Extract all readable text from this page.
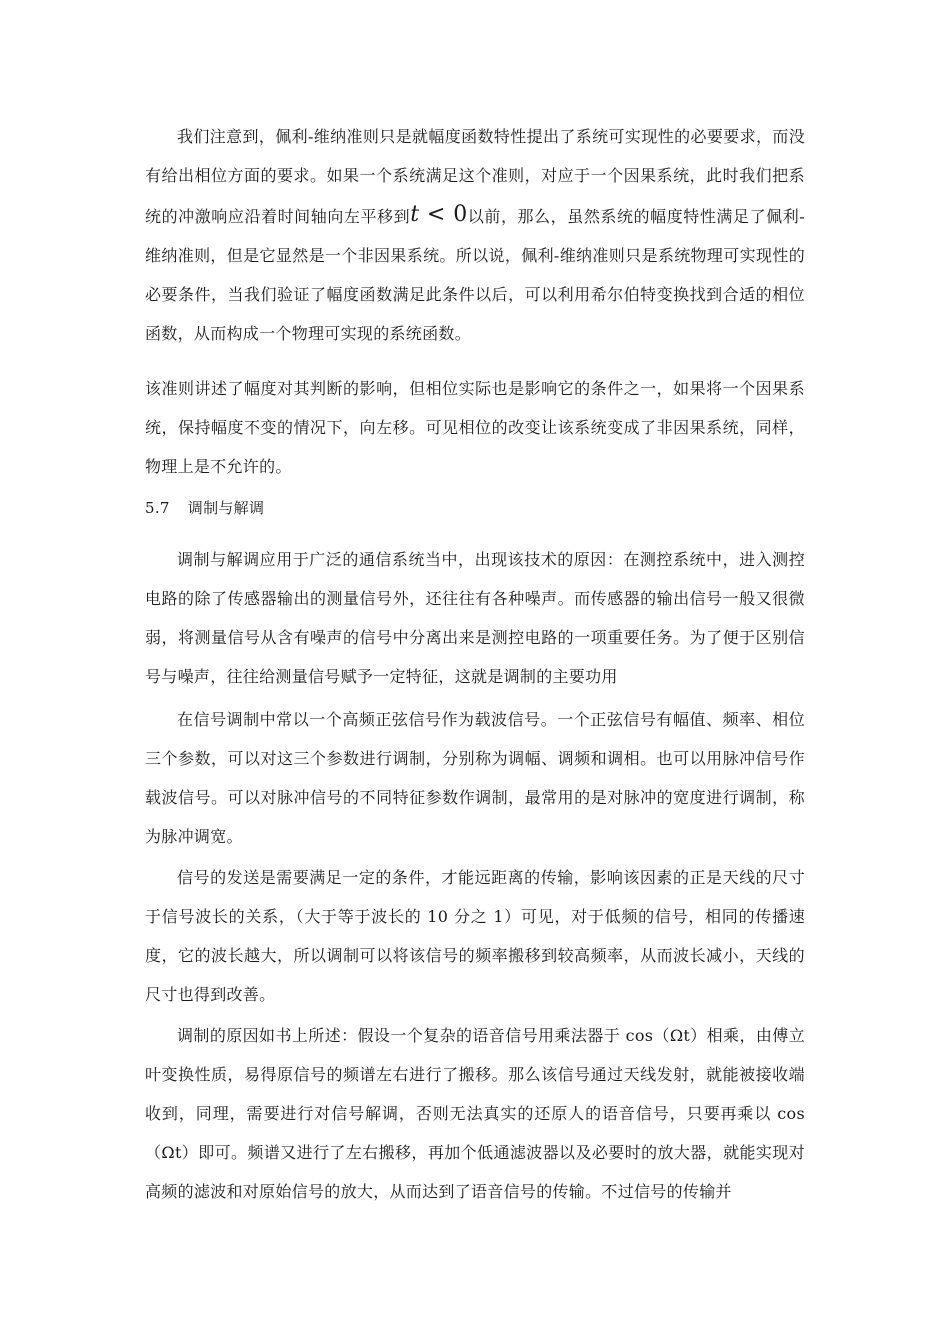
我们注意到，佩利-维纳准则只是就幅度函数特性提出了系统可实现性的必要要求，而没有给出相位方面的要求。如果一个系统满足这个准则，对应于一个因果系统，此时我们把系统的冲激响应沿着时间轴向左平移到t < 0以前，那么，虽然系统的幅度特性满足了佩利-维纳准则，但是它显然是一个非因果系统。所以说，佩利-维纳准则只是系统物理可实现性的必要条件，当我们验证了幅度函数满足此条件以后，可以利用希尔伯特变换找到合适的相位函数，从而构成一个物理可实现的系统函数。

该准则讲述了幅度对其判断的影响，但相位实际也是影响它的条件之一，如果将一个因果系统，保持幅度不变的情况下，向左移。可见相位的改变让该系统变成了非因果系统，同样，物理上是不允许的。

5.7 调制与解调

调制与解调应用于广泛的通信系统当中，出现该技术的原因：在测控系统中，进入测控电路的除了传感器输出的测量信号外，还往往有各种噪声。而传感器的输出信号一般又很微弱，将测量信号从含有噪声的信号中分离出来是测控电路的一项重要任务。为了便于区别信号与噪声，往往给测量信号赋予一定特征，这就是调制的主要功用

在信号调制中常以一个高频正弦信号作为载波信号。一个正弦信号有幅值、频率、相位三个参数，可以对这三个参数进行调制，分别称为调幅、调频和调相。也可以用脉冲信号作载波信号。可以对脉冲信号的不同特征参数作调制，最常用的是对脉冲的宽度进行调制，称为脉冲调宽。

信号的发送是需要满足一定的条件，才能远距离的传输，影响该因素的正是天线的尺寸于信号波长的关系，（大于等于波长的 10 分之 1）可见，对于低频的信号，相同的传播速度，它的波长越大，所以调制可以将该信号的频率搬移到较高频率，从而波长减小，天线的尺寸也得到改善。

调制的原因如书上所述：假设一个复杂的语音信号用乘法器于 cos（Ωt）相乘，由傅立叶变换性质，易得原信号的频谱左右进行了搬移。那么该信号通过天线发射，就能被接收端收到，同理，需要进行对信号解调，否则无法真实的还原人的语音信号，只要再乘以 cos（Ωt）即可。频谱又进行了左右搬移，再加个低通滤波器以及必要时的放大器，就能实现对高频的滤波和对原始信号的放大，从而达到了语音信号的传输。不过信号的传输并
